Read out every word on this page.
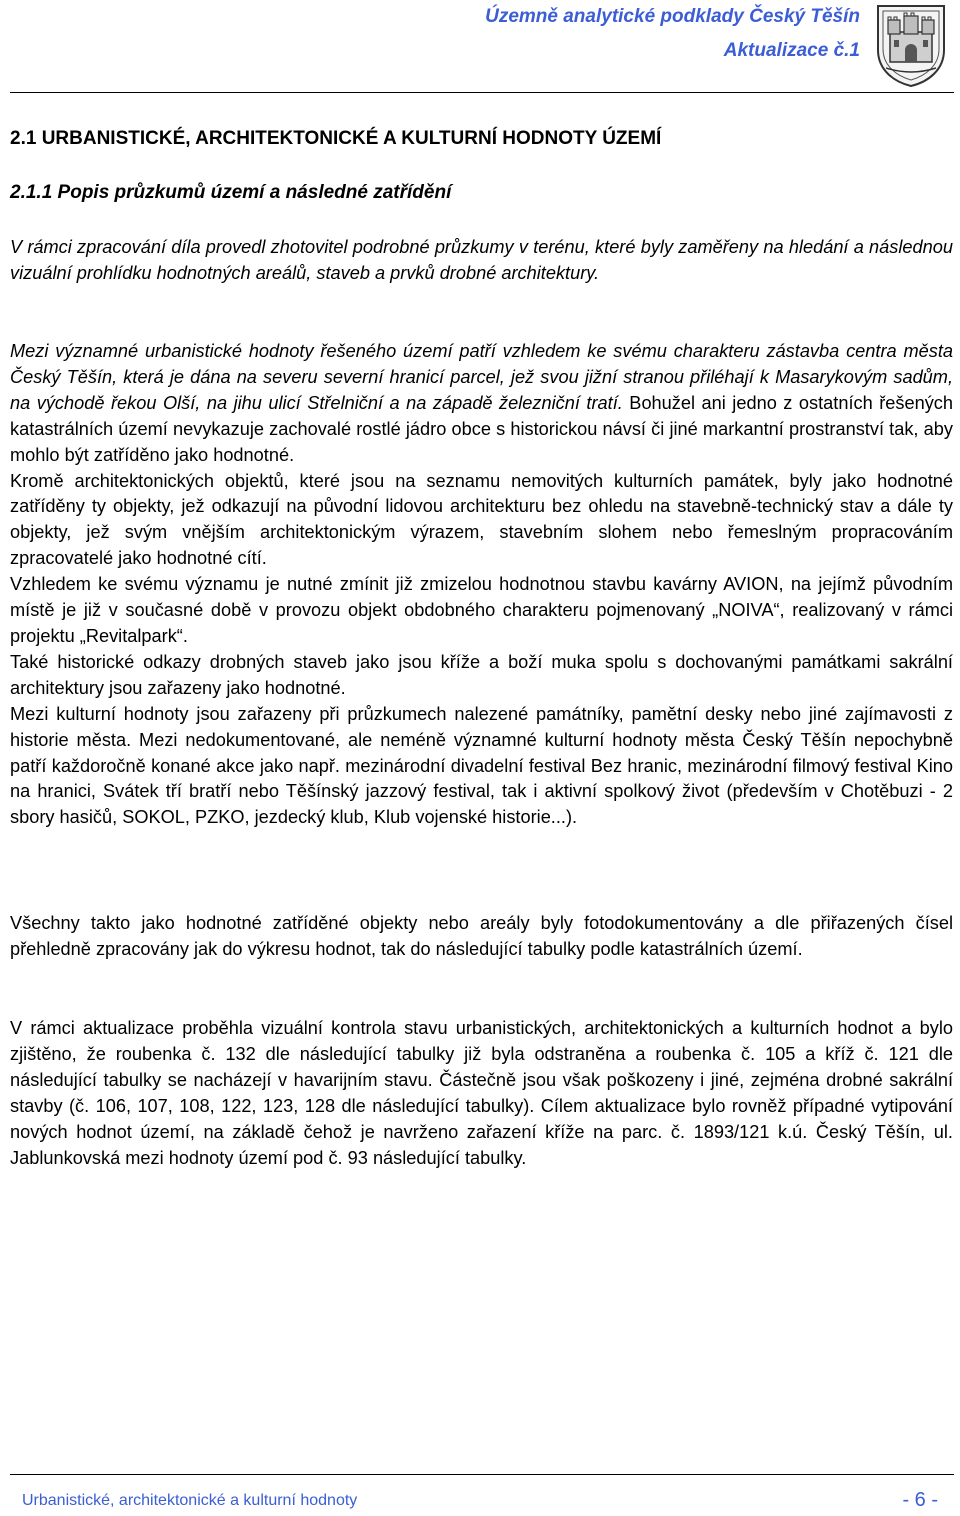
Územně analytické podklady Český Těšín
Aktualizace č.1
2.1 URBANISTICKÉ, ARCHITEKTONICKÉ A KULTURNÍ HODNOTY ÚZEMÍ
2.1.1 Popis průzkumů území a následné zatřídění

V rámci zpracování díla provedl zhotovitel podrobné průzkumy v terénu, které byly zaměřeny na hledání a následnou vizuální prohlídku hodnotných areálů, staveb a prvků drobné architektury.

Mezi významné urbanistické hodnoty řešeného území patří vzhledem ke svému charakteru zástavba centra města Český Těšín, která je dána na severu severní hranicí parcel, jež svou jižní stranou přiléhají k Masarykovým sadům, na východě řekou Olší, na jihu ulicí Střelniční a na západě železniční tratí. Bohužel ani jedno z ostatních řešených katastrálních území nevykazuje zachovalé rostlé jádro obce s historickou návsí či jiné markantní prostranství tak, aby mohlo být zatříděno jako hodnotné.

Kromě architektonických objektů, které jsou na seznamu nemovitých kulturních památek, byly jako hodnotné zatříděny ty objekty, jež odkazují na původní lidovou architekturu bez ohledu na stavebně-technický stav a dále ty objekty, jež svým vnějším architektonickým výrazem, stavebním slohem nebo řemeslným propracováním zpracovatelé jako hodnotné cítí.

Vzhledem ke svému významu je nutné zmínit již zmizelou hodnotnou stavbu kavárny AVION, na jejímž původním místě je již v současné době v provozu objekt obdobného charakteru pojmenovaný „NOIVA“, realizovaný v rámci projektu „Revitalpark“.

Také historické odkazy drobných staveb jako jsou kříže a boží muka spolu s dochovanými památkami sakrální architektury jsou zařazeny jako hodnotné.

Mezi kulturní hodnoty jsou zařazeny při průzkumech nalezené památníky, pamětní desky nebo jiné zajímavosti z historie města. Mezi nedokumentované, ale neméně významné kulturní hodnoty města Český Těšín nepochybně patří každoročně konané akce jako např. mezinárodní divadelní festival Bez hranic, mezinárodní filmový festival Kino na hranici, Svátek tří bratří nebo Těšínský jazzový festival, tak i aktivní spolkový život (především v Chotěbuzi - 2 sbory hasičů, SOKOL, PZKO, jezdecký klub, Klub vojenské historie...).

Všechny takto jako hodnotné zatříděné objekty nebo areály byly fotodokumentovány a dle přiřazených čísel přehledně zpracovány jak do výkresu hodnot, tak do následující tabulky podle katastrálních území.

V rámci aktualizace proběhla vizuální kontrola stavu urbanistických, architektonických a kulturních hodnot a bylo zjištěno, že roubenka č. 132 dle následující tabulky již byla odstraněna a roubenka č. 105 a kříž č. 121 dle následující tabulky se nacházejí v havarijním stavu. Částečně jsou však poškozeny i jiné, zejména drobné sakrální stavby (č. 106, 107, 108, 122, 123, 128 dle následující tabulky). Cílem aktualizace bylo rovněž případné vytipování nových hodnot území, na základě čehož je navrženo zařazení kříže na parc. č. 1893/121 k.ú. Český Těšín, ul. Jablunkovská mezi hodnoty území pod č. 93 následující tabulky.

Urbanistické, architektonické a kulturní hodnoty	- 6 -
